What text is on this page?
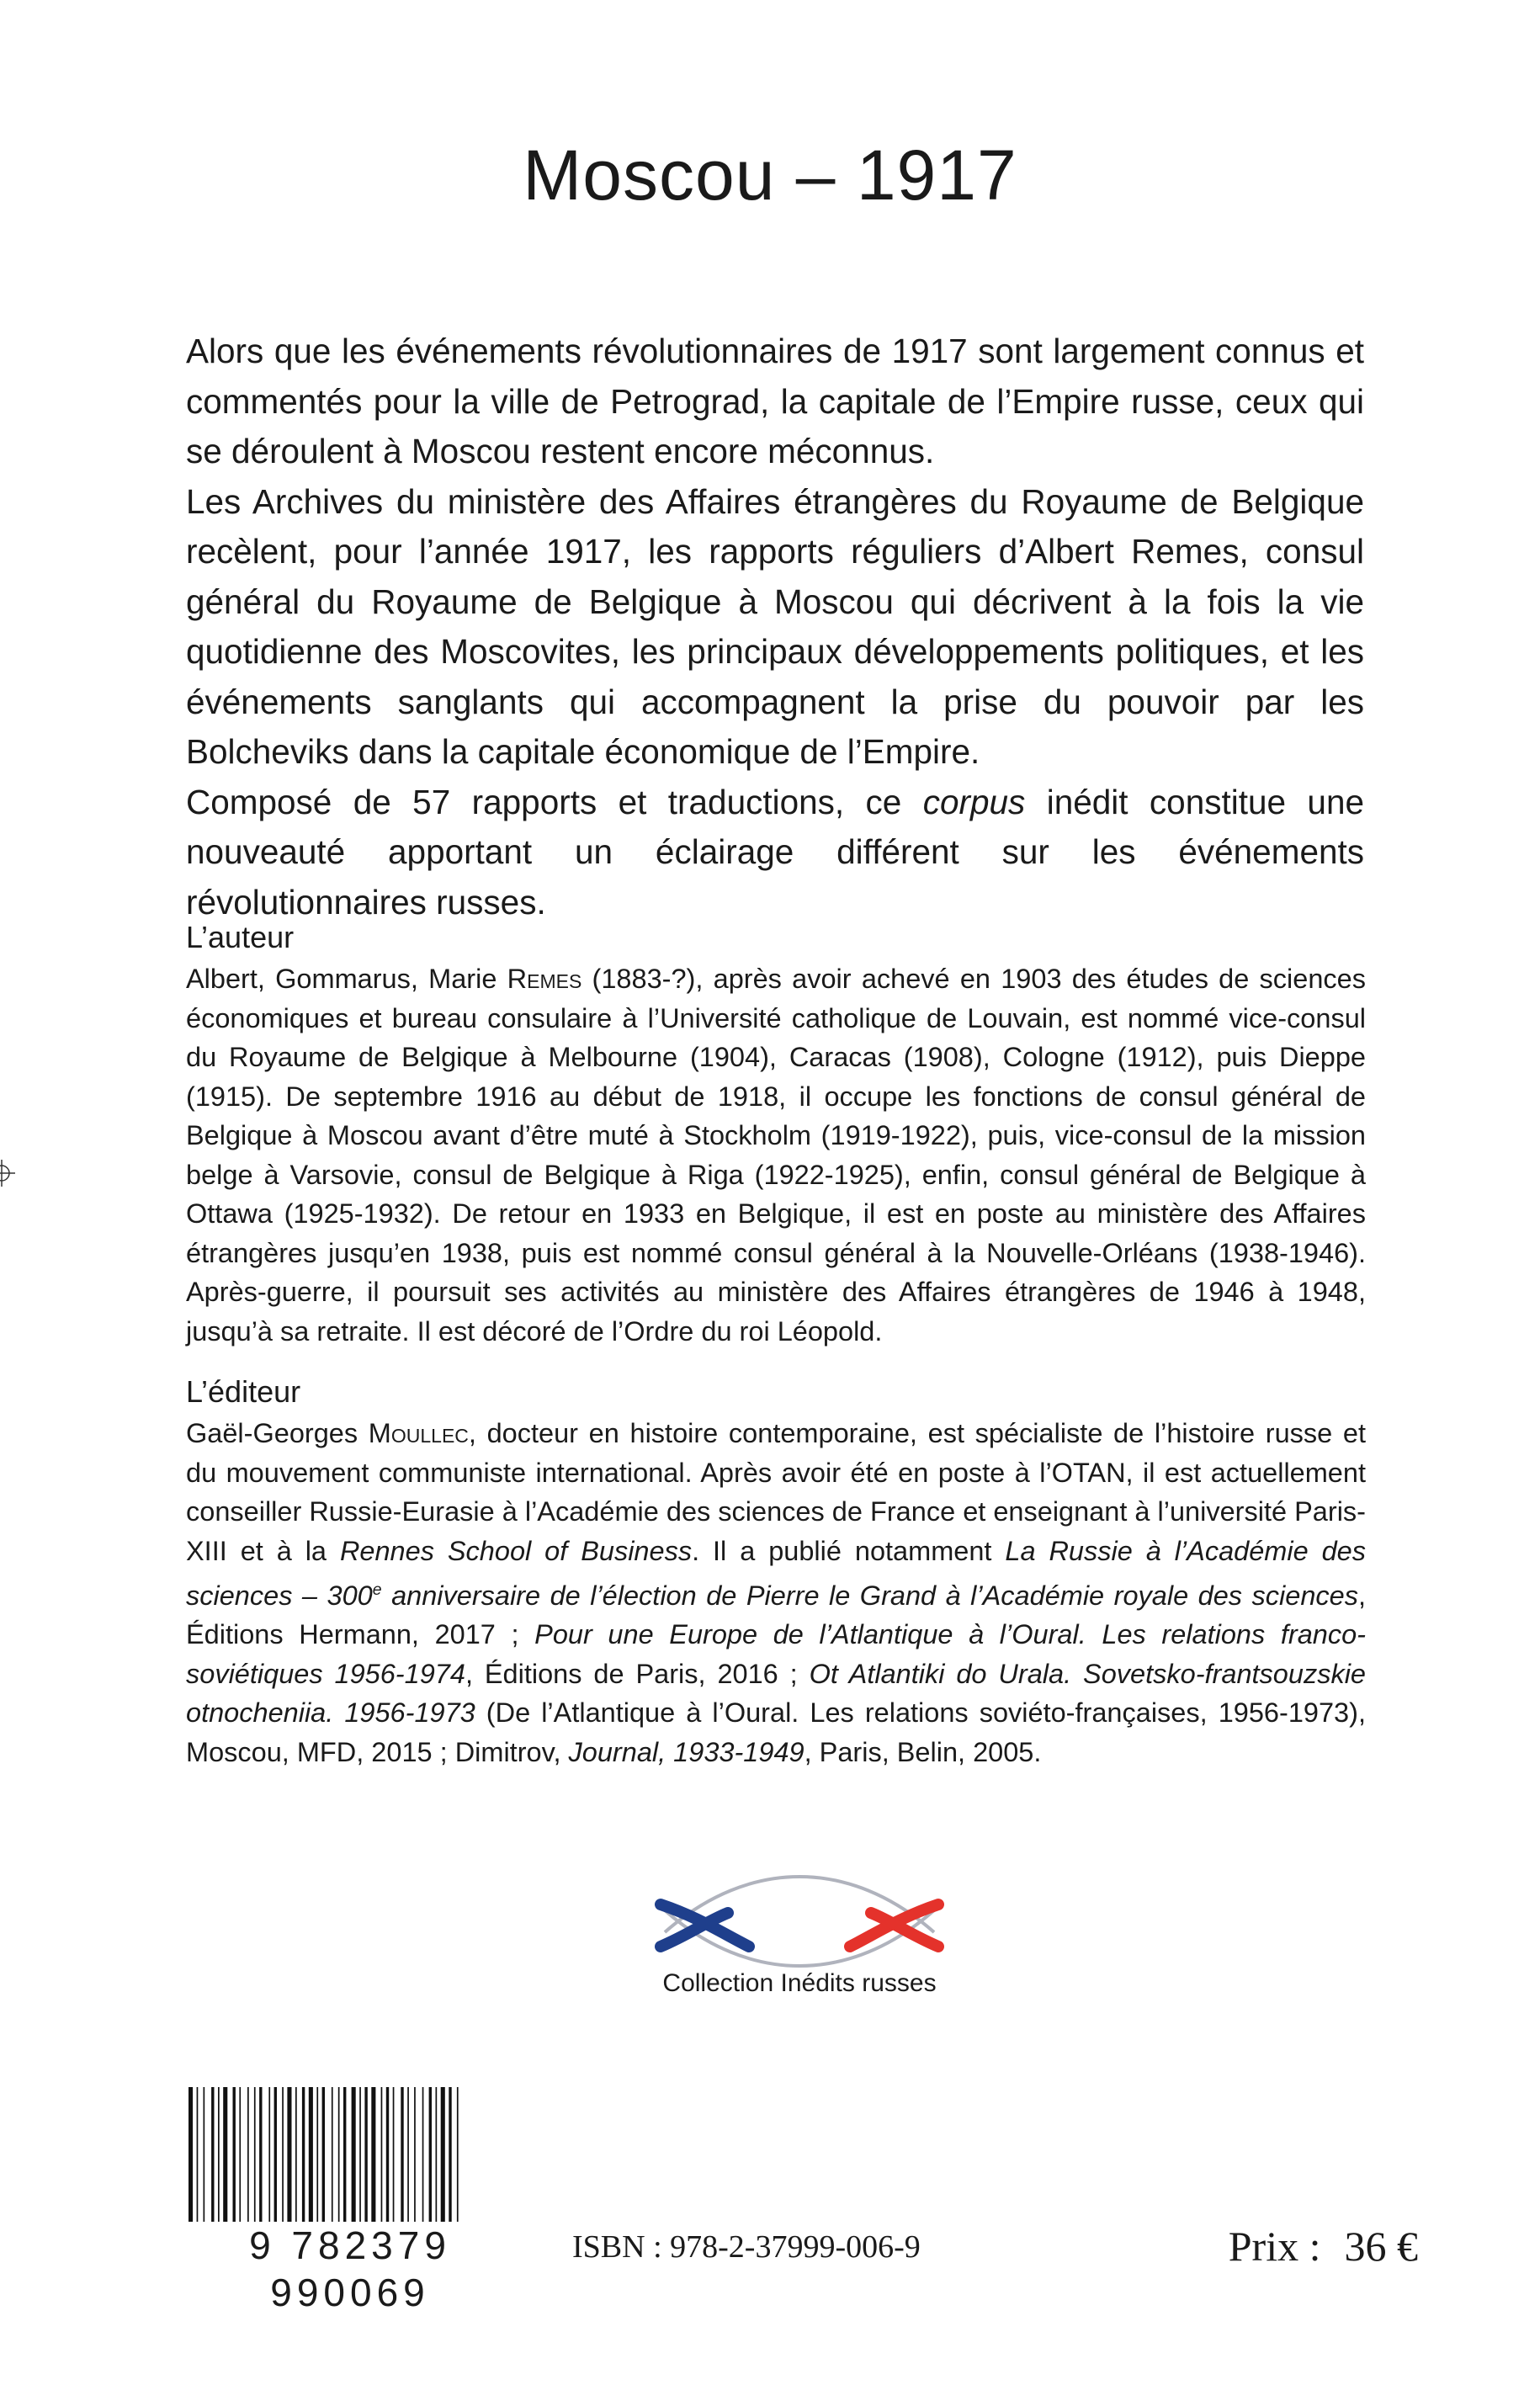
Moscou – 1917

Alors que les événements révolutionnaires de 1917 sont largement connus et commentés pour la ville de Petrograd, la capitale de l’Empire russe, ceux qui se déroulent à Moscou restent encore méconnus.

Les Archives du ministère des Affaires étrangères du Royaume de Belgique recèlent, pour l’année 1917, les rapports réguliers d’Albert Remes, consul général du Royaume de Belgique à Moscou qui décrivent à la fois la vie quotidienne des Moscovites, les principaux développements politiques, et les événements sanglants qui accompagnent la prise du pouvoir par les Bolcheviks dans la capitale économique de l’Empire.

Composé de 57 rapports et traductions, ce corpus inédit constitue une nouveauté apportant un éclairage différent sur les événements révolutionnaires russes.

L’auteur

Albert, Gommarus, Marie Remes (1883-?), après avoir achevé en 1903 des études de sciences économiques et bureau consulaire à l’Université catholique de Louvain, est nommé vice-consul du Royaume de Belgique à Melbourne (1904), Caracas (1908), Cologne (1912), puis Dieppe (1915). De septembre 1916 au début de 1918, il occupe les fonctions de consul général de Belgique à Moscou avant d’être muté à Stockholm (1919-1922), puis, vice-consul de la mission belge à Varsovie, consul de Belgique à Riga (1922-1925), enfin, consul général de Belgique à Ottawa (1925-1932). De retour en 1933 en Belgique, il est en poste au ministère des Affaires étrangères jusqu’en 1938, puis est nommé consul général à la Nouvelle-Orléans (1938-1946). Après-guerre, il poursuit ses activités au ministère des Affaires étrangères de 1946 à 1948, jusqu’à sa retraite. Il est décoré de l’Ordre du roi Léopold.

L’éditeur

Gaël-Georges Moullec, docteur en histoire contemporaine, est spécialiste de l’histoire russe et du mouvement communiste international. Après avoir été en poste à l’OTAN, il est actuellement conseiller Russie-Eurasie à l’Académie des sciences de France et enseignant à l’université Paris-XIII et à la Rennes School of Business. Il a publié notamment La Russie à l’Académie des sciences – 300e anniversaire de l’élection de Pierre le Grand à l’Académie royale des sciences, Éditions Hermann, 2017 ; Pour une Europe de l’Atlantique à l’Oural. Les relations franco-soviétiques 1956-1974, Éditions de Paris, 2016 ; Ot Atlantiki do Urala. Sovetsko-frantsouzskie otnocheniia. 1956-1973 (De l’Atlantique à l’Oural. Les relations soviéto-françaises, 1956-1973), Moscou, MFD, 2015 ; Dimitrov, Journal, 1933-1949, Paris, Belin, 2005.

Collection Inédits russes
9 782379 990069
ISBN : 978-2-37999-006-9	Prix : 36 €
